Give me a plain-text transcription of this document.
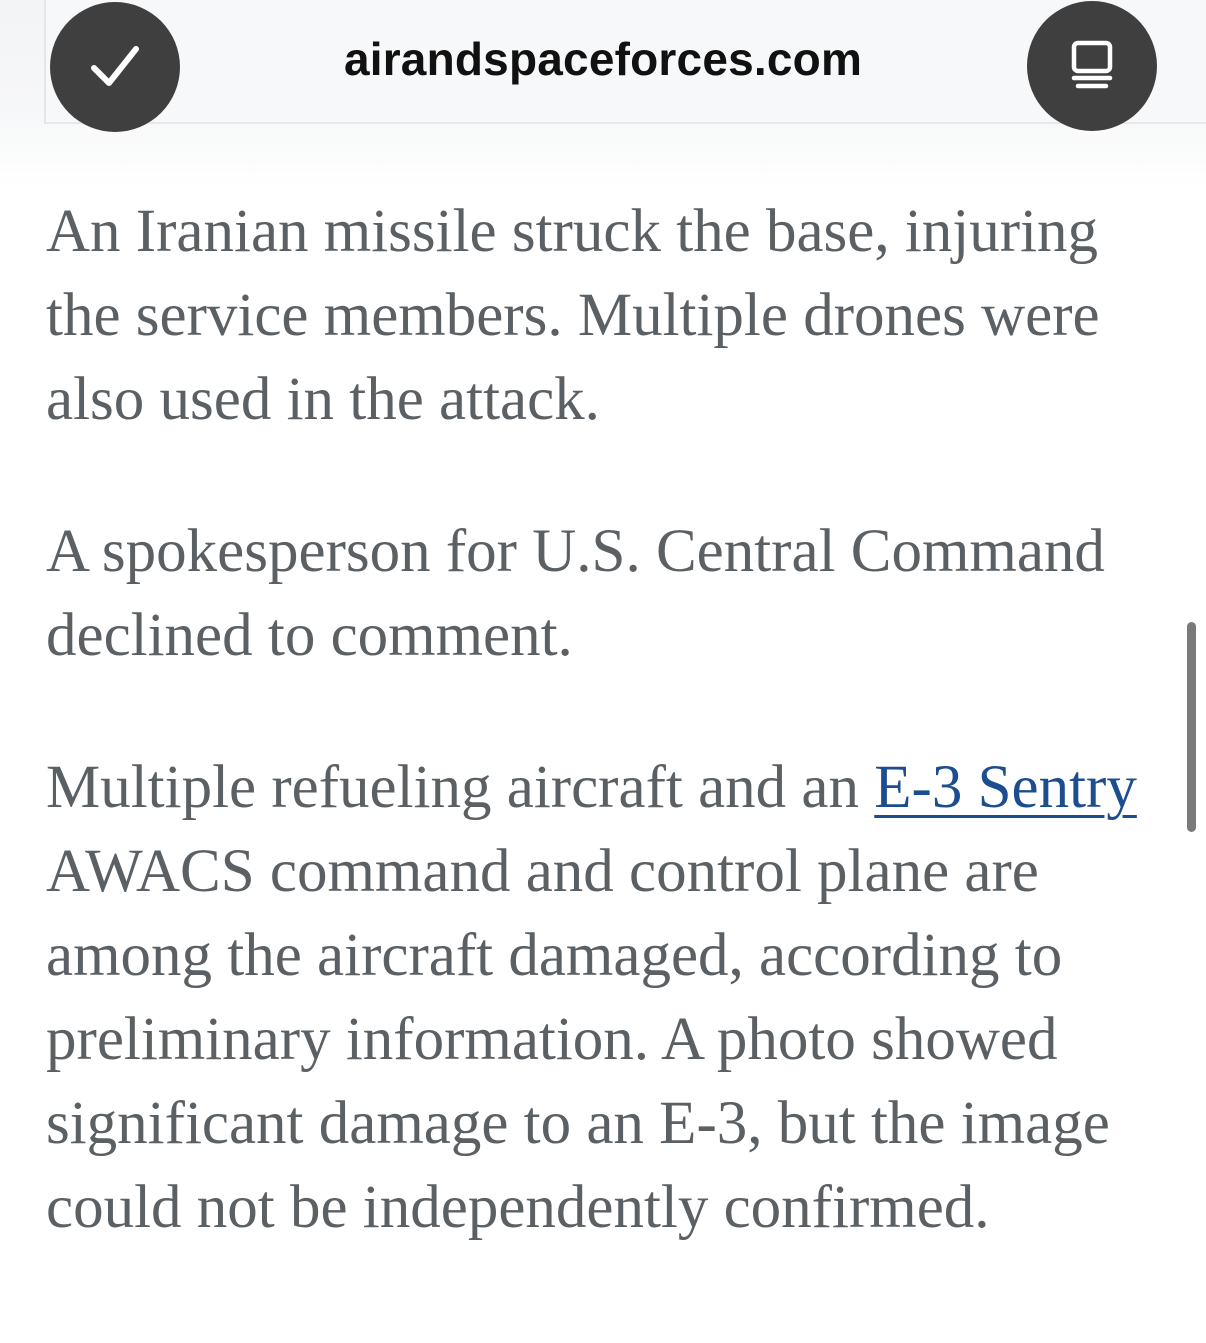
airandspaceforces.com

An Iranian missile struck the base, injuring the service members. Multiple drones were also used in the attack.

A spokesperson for U.S. Central Command declined to comment.

Multiple refueling aircraft and an E-3 Sentry AWACS command and control plane are among the aircraft damaged, according to preliminary information. A photo showed significant damage to an E-3, but the image could not be independently confirmed.
